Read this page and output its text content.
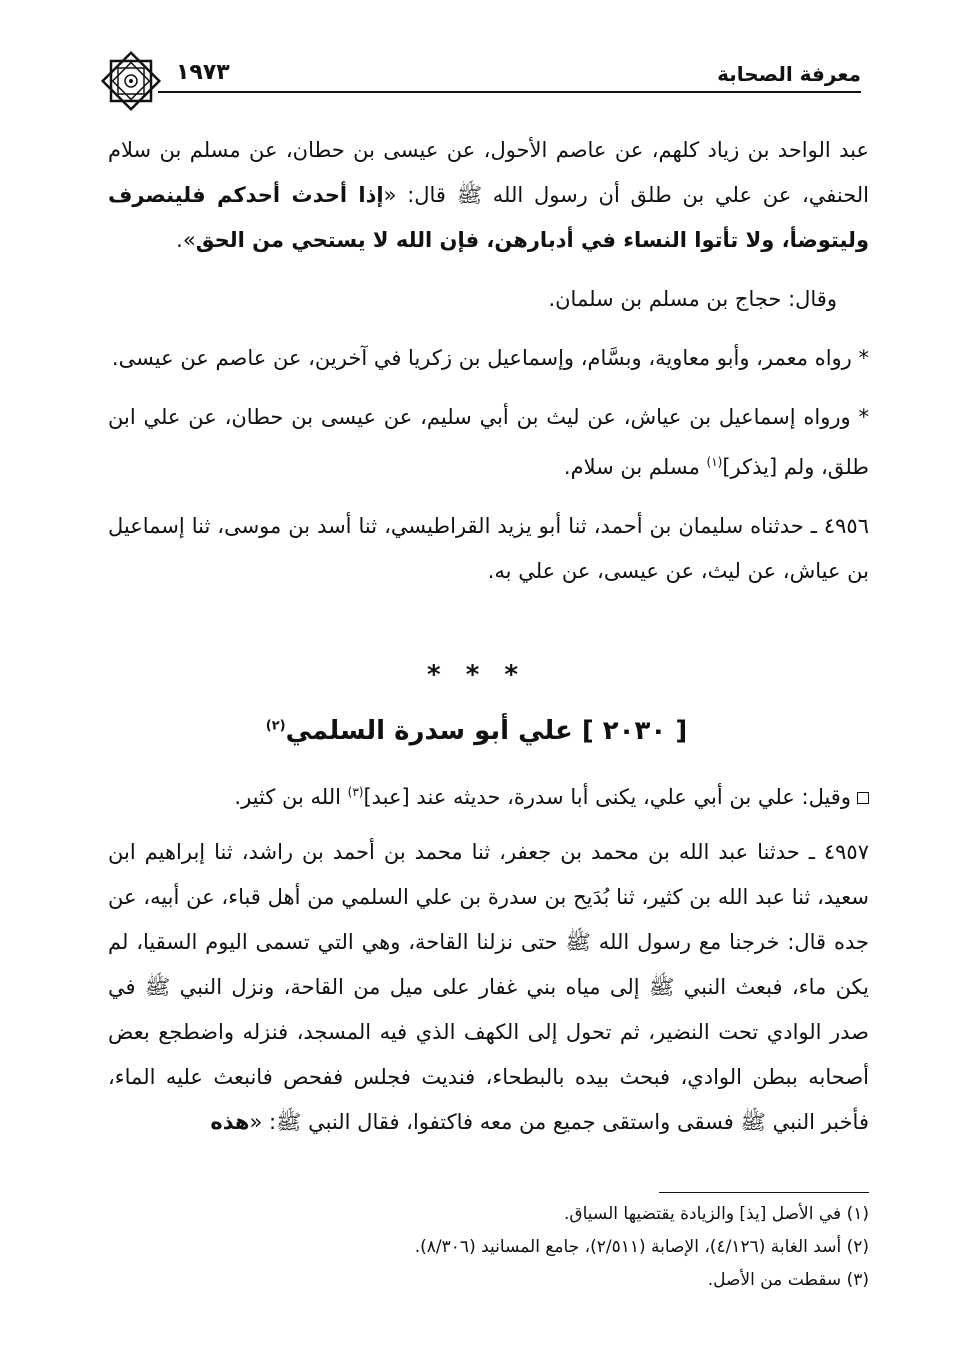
معرفة الصحابة
١٩٧٣

عبد الواحد بن زياد كلهم، عن عاصم الأحول، عن عيسى بن حطان، عن مسلم بن سلام الحنفي، عن علي بن طلق أن رسول الله ﷺ قال: «إذا أحدث أحدكم فلينصرف وليتوضأ، ولا تأتوا النساء في أدبارهن، فإن الله لا يستحي من الحق».

وقال: حجاج بن مسلم بن سلمان.

* رواه معمر، وأبو معاوية، وبسَّام، وإسماعيل بن زكريا في آخرين، عن عاصم عن عيسى.

* ورواه إسماعيل بن عياش، عن ليث بن أبي سليم، عن عيسى بن حطان، عن علي ابن طلق، ولم [يذكر]$^{(١)}$ مسلم بن سلام.

٤٩٥٦ ـ حدثناه سليمان بن أحمد، ثنا أبو يزيد القراطيسي، ثنا أسد بن موسى، ثنا إسماعيل بن عياش، عن ليث، عن عيسى، عن علي به.

* * *
[ ٢٠٣٠ ] علي أبو سدرة السلمي$^{(٢)}$

وقيل: علي بن أبي علي، يكنى أبا سدرة، حديثه عند [عبد]$^{(٣)}$ الله بن كثير.

٤٩٥٧ ـ حدثنا عبد الله بن محمد بن جعفر، ثنا محمد بن أحمد بن راشد، ثنا إبراهيم ابن سعيد، ثنا عبد الله بن كثير، ثنا بُدَيح بن سدرة بن علي السلمي من أهل قباء، عن أبيه، عن جده قال: خرجنا مع رسول الله ﷺ حتى نزلنا القاحة، وهي التي تسمى اليوم السقيا، لم يكن ماء، فبعث النبي ﷺ إلى مياه بني غفار على ميل من القاحة، ونزل النبي ﷺ في صدر الوادي تحت النضير، ثم تحول إلى الكهف الذي فيه المسجد، فنزله واضطجع بعض أصحابه ببطن الوادي، فبحث بيده بالبطحاء، فنديت فجلس ففحص فانبعث عليه الماء، فأخبر النبي ﷺ فسقى واستقى جميع من معه فاكتفوا، فقال النبي ﷺ: «هذه

(١) في الأصل [يذ] والزيادة يقتضيها السياق.
(٢) أسد الغابة (٤/١٢٦)، الإصابة (٢/٥١١)، جامع المسانيد (٨/٣٠٦).
(٣) سقطت من الأصل.
